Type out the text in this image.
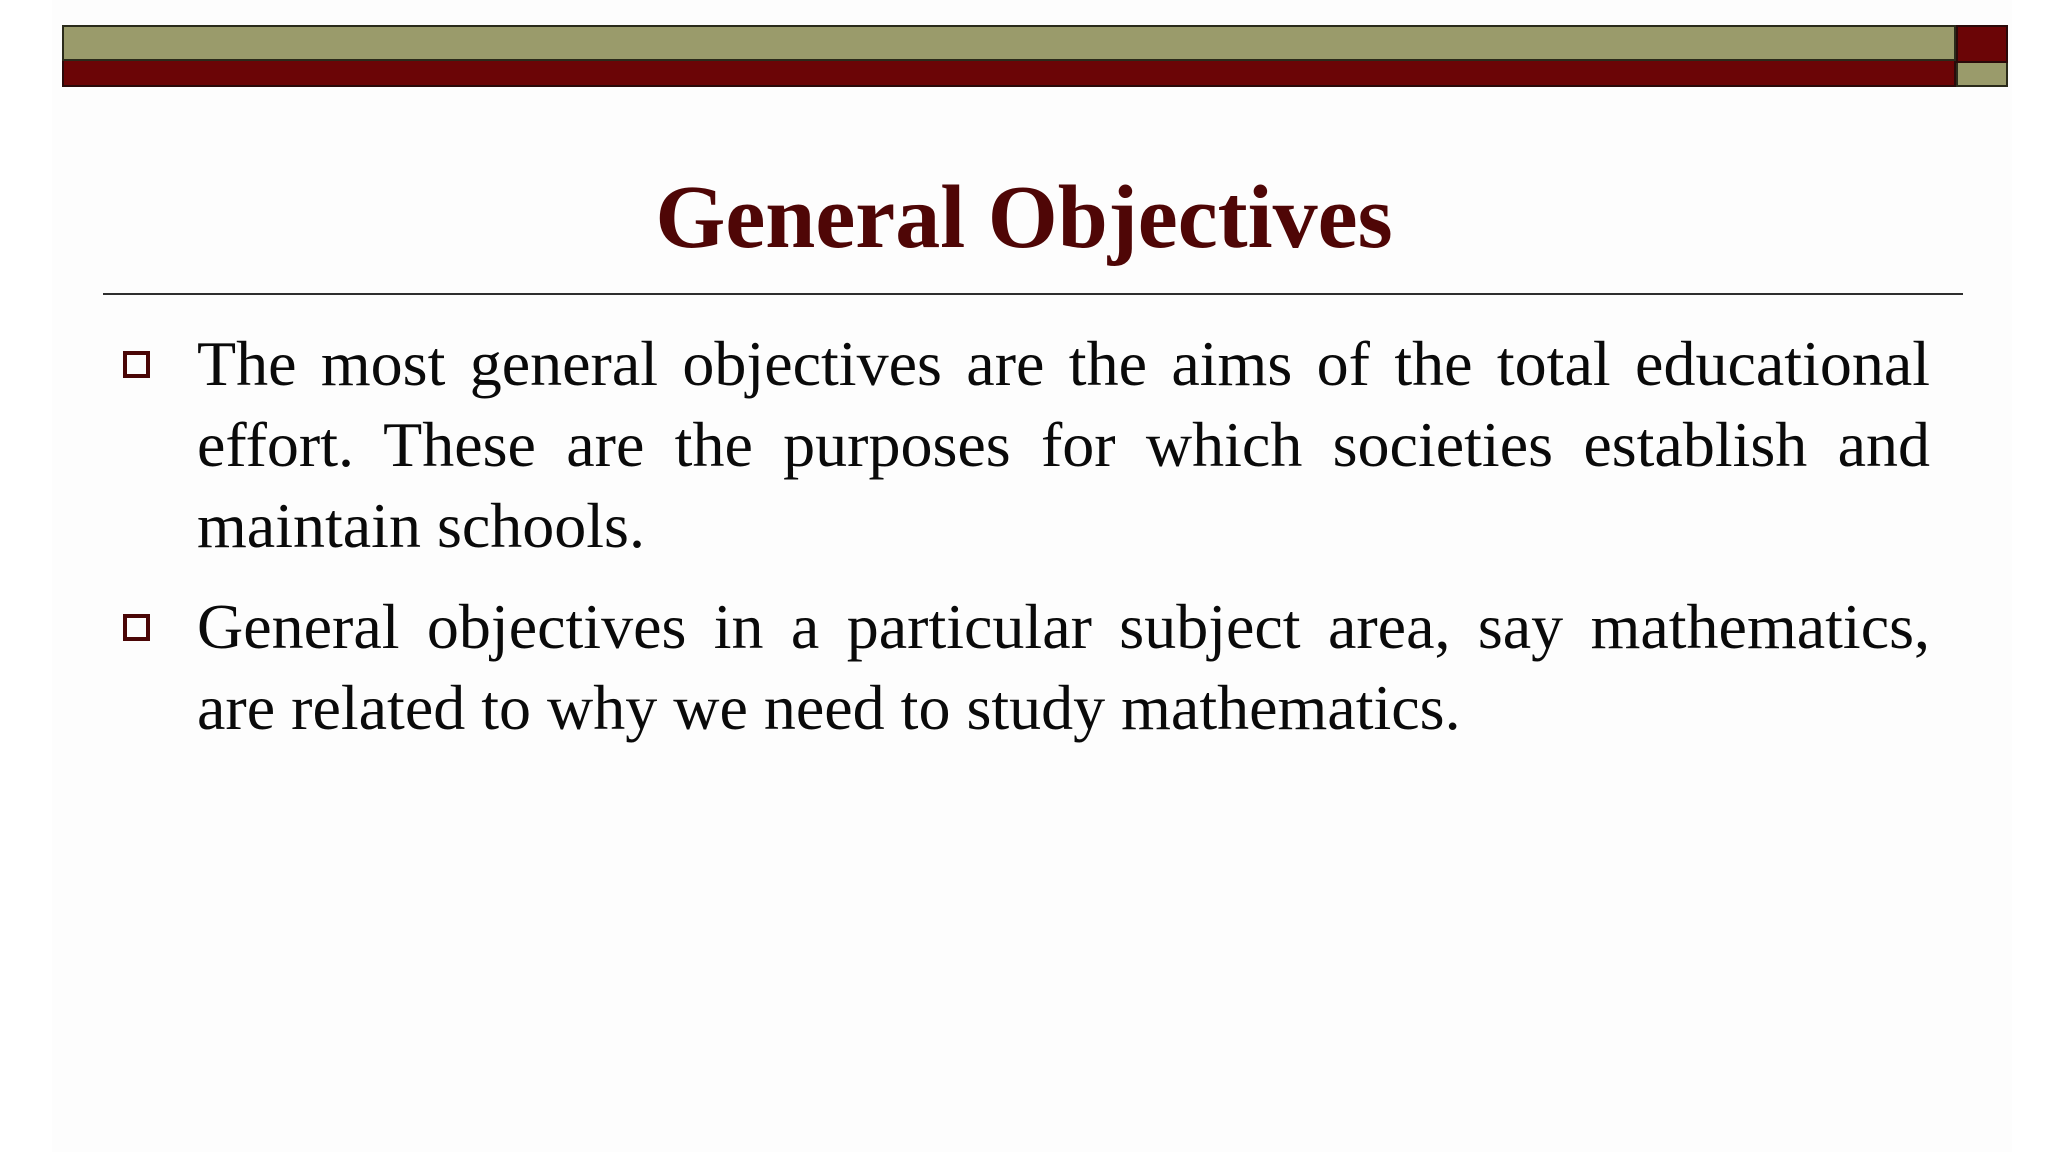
General Objectives
The most general objectives are the aims of the total educational effort. These are the purposes for which societies establish and maintain schools.
General objectives in a particular subject area, say mathematics, are related to why we need to study mathematics.
